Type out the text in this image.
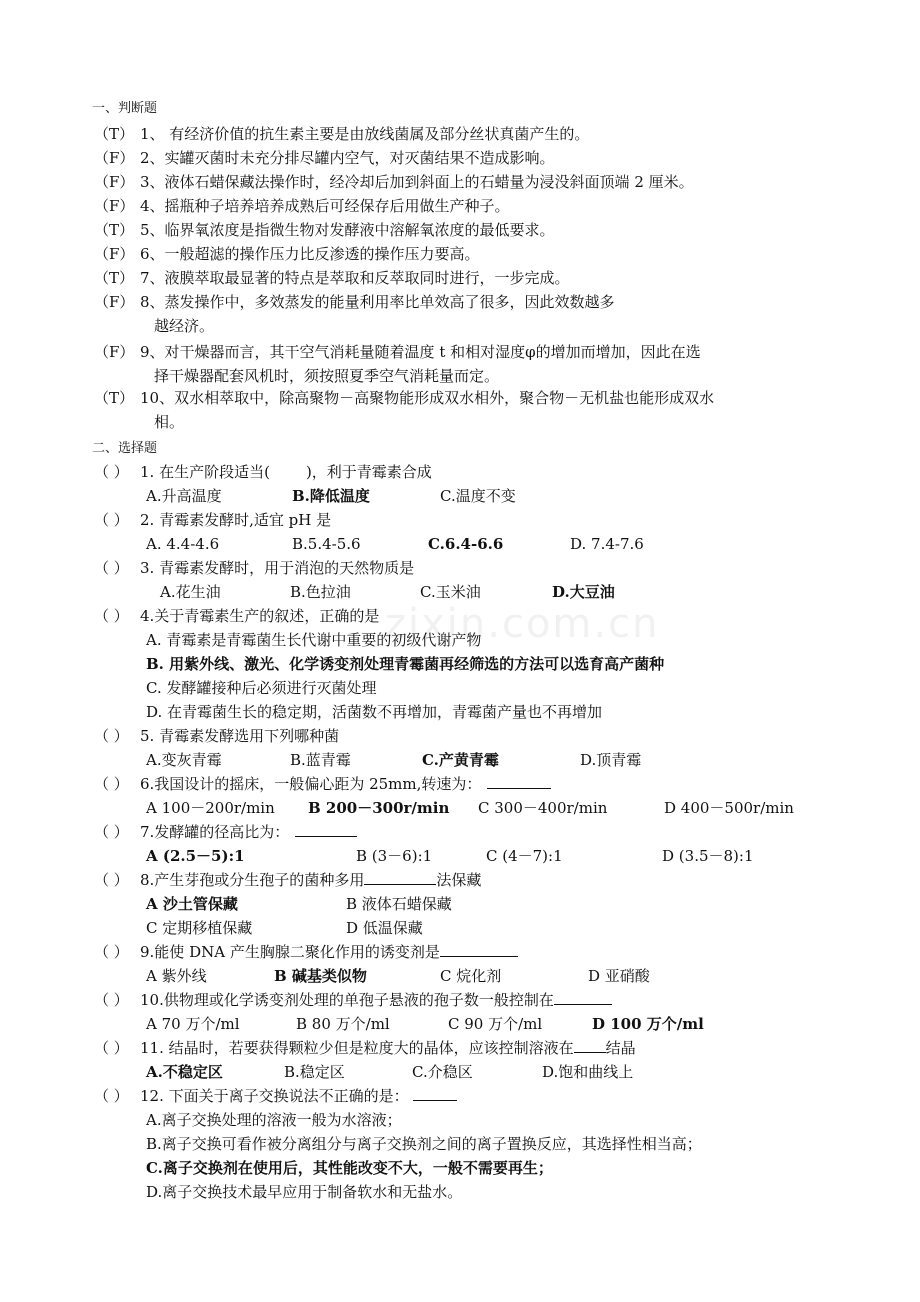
zixin.com.cn
一、判断题
（T） 1、 有经济价值的抗生素主要是由放线菌属及部分丝状真菌产生的。
（F） 2、实罐灭菌时未充分排尽罐内空气，对灭菌结果不造成影响。
（F） 3、液体石蜡保藏法操作时，经冷却后加到斜面上的石蜡量为浸没斜面顶端 2 厘米。
（F） 4、摇瓶种子培养培养成熟后可经保存后用做生产种子。
（T） 5、临界氧浓度是指微生物对发酵液中溶解氧浓度的最低要求。
（F） 6、一般超滤的操作压力比反渗透的操作压力要高。
（T） 7、液膜萃取最显著的特点是萃取和反萃取同时进行，一步完成。
（F） 8、蒸发操作中，多效蒸发的能量利用率比单效高了很多，因此效数越多
越经济。
（F） 9、对干燥器而言，其干空气消耗量随着温度 t 和相对湿度φ的增加而增加，因此在选
择干燥器配套风机时，须按照夏季空气消耗量而定。
（T） 10、双水相萃取中，除高聚物－高聚物能形成双水相外，聚合物－无机盐也能形成双水
相。
二、选择题
（ ） 1. 在生产阶段适当( )，利于青霉素合成
A.升高温度	B.降低温度	C.温度不变
（ ） 2. 青霉素发酵时,适宜 pH 是
A. 4.4-4.6	B.5.4-5.6	C.6.4-6.6	D. 7.4-7.6
（ ） 3. 青霉素发酵时，用于消泡的天然物质是
A.花生油	B.色拉油	C.玉米油	D.大豆油
（ ） 4.关于青霉素生产的叙述，正确的是
A. 青霉素是青霉菌生长代谢中重要的初级代谢产物
B. 用紫外线、激光、化学诱变剂处理青霉菌再经筛选的方法可以选育高产菌种
C. 发酵罐接种后必须进行灭菌处理
D. 在青霉菌生长的稳定期，活菌数不再增加，青霉菌产量也不再增加
（ ） 5. 青霉素发酵选用下列哪种菌
A.变灰青霉	B.蓝青霉	C.产黄青霉	D.顶青霉
（ ） 6.我国设计的摇床，一般偏心距为 25mm,转速为：
A 100－200r/min B 200－300r/min C 300－400r/min	D 400－500r/min
（ ） 7.发酵罐的径高比为：
A (2.5－5):1	B (3－6):1	C (4－7):1	D (3.5－8):1
（ ） 8.产生芽孢或分生孢子的菌种多用	法保藏
A 沙土管保藏	B 液体石蜡保藏
C 定期移植保藏	D 低温保藏
（ ） 9.能使 DNA 产生胸腺二聚化作用的诱变剂是
A 紫外线	B 碱基类似物	C 烷化剂	D 亚硝酸
（ ） 10.供物理或化学诱变剂处理的单孢子悬液的孢子数一般控制在
A 70 万个/ml	B 80 万个/ml	C 90 万个/ml	D 100 万个/ml
（ ） 11. 结晶时，若要获得颗粒少但是粒度大的晶体，应该控制溶液在 结晶
A.不稳定区	B.稳定区	C.介稳区	D.饱和曲线上
（ ） 12. 下面关于离子交换说法不正确的是：
A.离子交换处理的溶液一般为水溶液；
B.离子交换可看作被分离组分与离子交换剂之间的离子置换反应，其选择性相当高；
C.离子交换剂在使用后，其性能改变不大，一般不需要再生；
D.离子交换技术最早应用于制备软水和无盐水。
